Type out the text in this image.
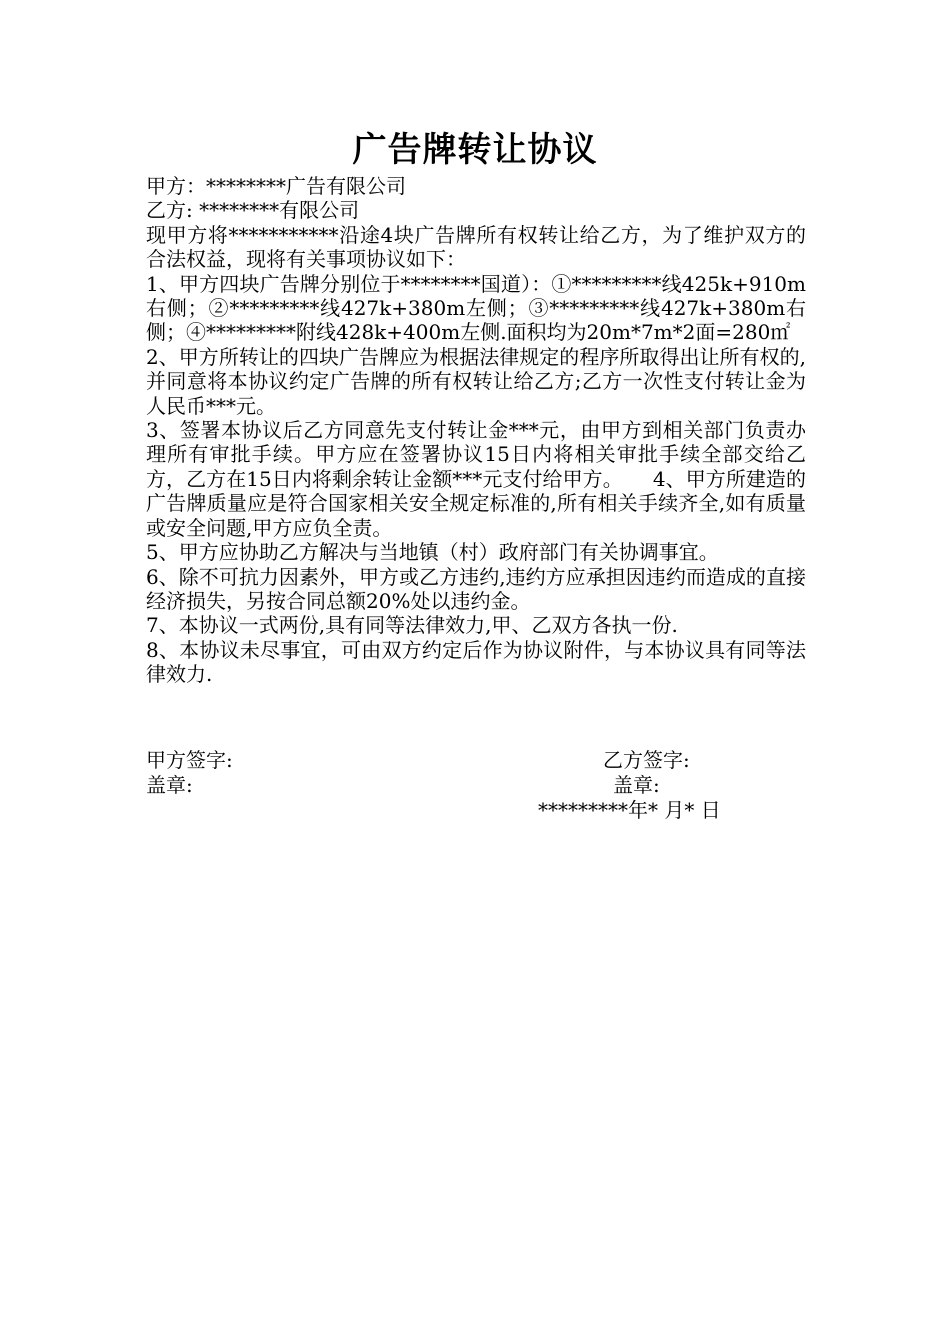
广告牌转让协议

甲方：********广告有限公司

乙方: ********有限公司

现甲方将***********沿途4块广告牌所有权转让给乙方，为了维护双方的合法权益，现将有关事项协议如下：

1、甲方四块广告牌分别位于********国道）：①*********线425k+910m右侧；②*********线427k+380m左侧；③*********线427k+380m右侧；④*********附线428k+400m左侧.面积均为20m*7m*2面=280㎡

2、甲方所转让的四块广告牌应为根据法律规定的程序所取得出让所有权的,并同意将本协议约定广告牌的所有权转让给乙方;乙方一次性支付转让金为人民币***元。

3、签署本协议后乙方同意先支付转让金***元，由甲方到相关部门负责办理所有审批手续。甲方应在签署协议15日内将相关审批手续全部交给乙方，乙方在15日内将剩余转让金额***元支付给甲方。　　4、甲方所建造的广告牌质量应是符合国家相关安全规定标准的,所有相关手续齐全,如有质量或安全问题,甲方应负全责。

5、甲方应协助乙方解决与当地镇（村）政府部门有关协调事宜。

6、除不可抗力因素外，甲方或乙方违约,违约方应承担因违约而造成的直接经济损失，另按合同总额20%处以违约金。

7、本协议一式两份,具有同等法律效力,甲、乙双方各执一份.

8、本协议未尽事宜，可由双方约定后作为协议附件，与本协议具有同等法律效力.

甲方签字:
盖章:
乙方签字:
盖章:
*********年* 月* 日
